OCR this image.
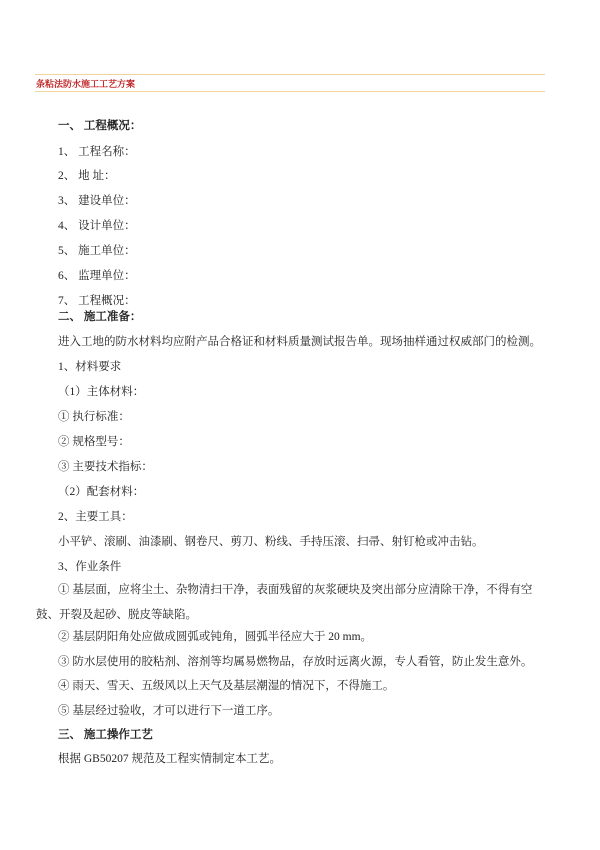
条粘法防水施工工艺方案
一、 工程概况：
1、 工程名称：
2、 地 址：
3、 建设单位：
4、 设计单位：
5、 施工单位：
6、 监理单位：
7、 工程概况：
二、 施工准备：
进入工地的防水材料均应附产品合格证和材料质量测试报告单。现场抽样通过权威部门的检测。
1、材料要求
（1）主体材料：
① 执行标准：
② 规格型号：
③ 主要技术指标：
（2）配套材料：
2、主要工具：
小平铲、滚刷、油漆刷、钢卷尺、剪刀、粉线、手持压滚、扫帚、射钉枪或冲击钻。
3、作业条件
① 基层面，应将尘土、杂物清扫干净，表面残留的灰浆硬块及突出部分应清除干净，不得有空鼓、开裂及起砂、脱皮等缺陷。
② 基层阴阳角处应做成圆弧或钝角，圆弧半径应大于 20 mm。
③ 防水层使用的胶粘剂、溶剂等均属易燃物品，存放时远离火源，专人看管，防止发生意外。
④ 雨天、雪天、五级风以上天气及基层潮湿的情况下，不得施工。
⑤ 基层经过验收，才可以进行下一道工序。
三、 施工操作工艺
根据 GB50207 规范及工程实情制定本工艺。
